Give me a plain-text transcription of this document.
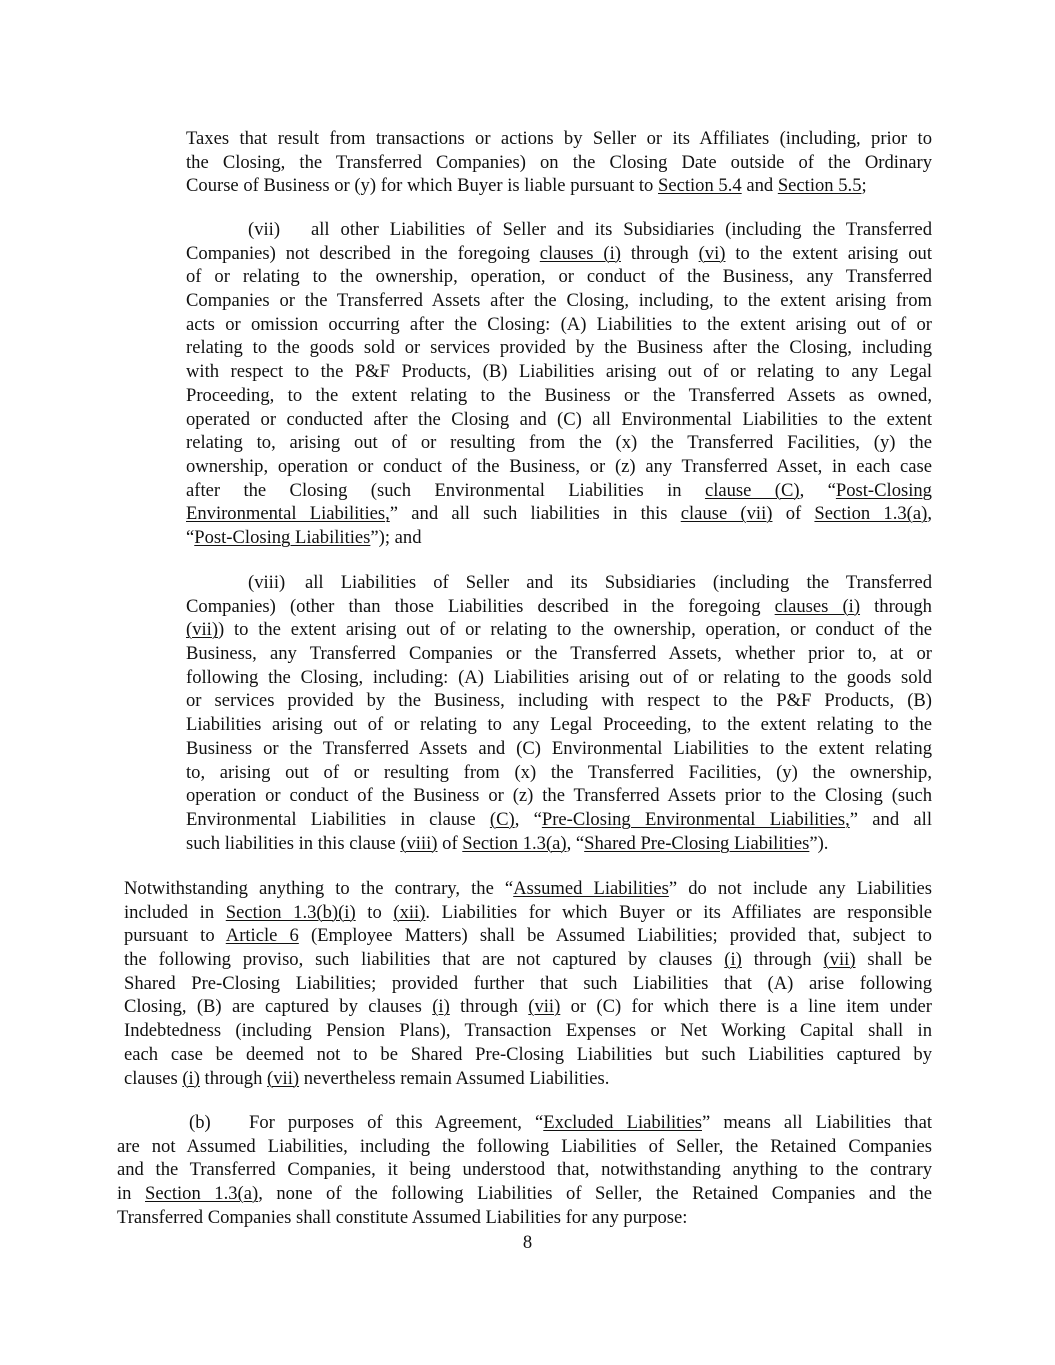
Taxes that result from transactions or actions by Seller or its Affiliates (including, prior to
the Closing, the Transferred Companies) on the Closing Date outside of the Ordinary
Course of Business or (y) for which Buyer is liable pursuant to Section 5.4 and Section 5.5;
(vii) all other Liabilities of Seller and its Subsidiaries (including the Transferred
Companies) not described in the foregoing clauses (i) through (vi) to the extent arising out
of or relating to the ownership, operation, or conduct of the Business, any Transferred
Companies or the Transferred Assets after the Closing, including, to the extent arising from
acts or omission occurring after the Closing: (A) Liabilities to the extent arising out of or
relating to the goods sold or services provided by the Business after the Closing, including
with respect to the P&F Products, (B) Liabilities arising out of or relating to any Legal
Proceeding, to the extent relating to the Business or the Transferred Assets as owned,
operated or conducted after the Closing and (C) all Environmental Liabilities to the extent
relating to, arising out of or resulting from the (x) the Transferred Facilities, (y) the
ownership, operation or conduct of the Business, or (z) any Transferred Asset, in each case
after the Closing (such Environmental Liabilities in clause (C), “Post-Closing
Environmental Liabilities,” and all such liabilities in this clause (vii) of Section 1.3(a),
“Post-Closing Liabilities”); and
(viii) all Liabilities of Seller and its Subsidiaries (including the Transferred
Companies) (other than those Liabilities described in the foregoing clauses (i) through
(vii)) to the extent arising out of or relating to the ownership, operation, or conduct of the
Business, any Transferred Companies or the Transferred Assets, whether prior to, at or
following the Closing, including: (A) Liabilities arising out of or relating to the goods sold
or services provided by the Business, including with respect to the P&F Products, (B)
Liabilities arising out of or relating to any Legal Proceeding, to the extent relating to the
Business or the Transferred Assets and (C) Environmental Liabilities to the extent relating
to, arising out of or resulting from (x) the Transferred Facilities, (y) the ownership,
operation or conduct of the Business or (z) the Transferred Assets prior to the Closing (such
Environmental Liabilities in clause (C), “Pre-Closing Environmental Liabilities,” and all
such liabilities in this clause (viii) of Section 1.3(a), “Shared Pre-Closing Liabilities”).
Notwithstanding anything to the contrary, the “Assumed Liabilities” do not include any Liabilities
included in Section 1.3(b)(i) to (xii). Liabilities for which Buyer or its Affiliates are responsible
pursuant to Article 6 (Employee Matters) shall be Assumed Liabilities; provided that, subject to
the following proviso, such liabilities that are not captured by clauses (i) through (vii) shall be
Shared Pre-Closing Liabilities; provided further that such Liabilities that (A) arise following
Closing, (B) are captured by clauses (i) through (vii) or (C) for which there is a line item under
Indebtedness (including Pension Plans), Transaction Expenses or Net Working Capital shall in
each case be deemed not to be Shared Pre-Closing Liabilities but such Liabilities captured by
clauses (i) through (vii) nevertheless remain Assumed Liabilities.
(b) For purposes of this Agreement, “Excluded Liabilities” means all Liabilities that
are not Assumed Liabilities, including the following Liabilities of Seller, the Retained Companies
and the Transferred Companies, it being understood that, notwithstanding anything to the contrary
in Section 1.3(a), none of the following Liabilities of Seller, the Retained Companies and the
Transferred Companies shall constitute Assumed Liabilities for any purpose:
8
